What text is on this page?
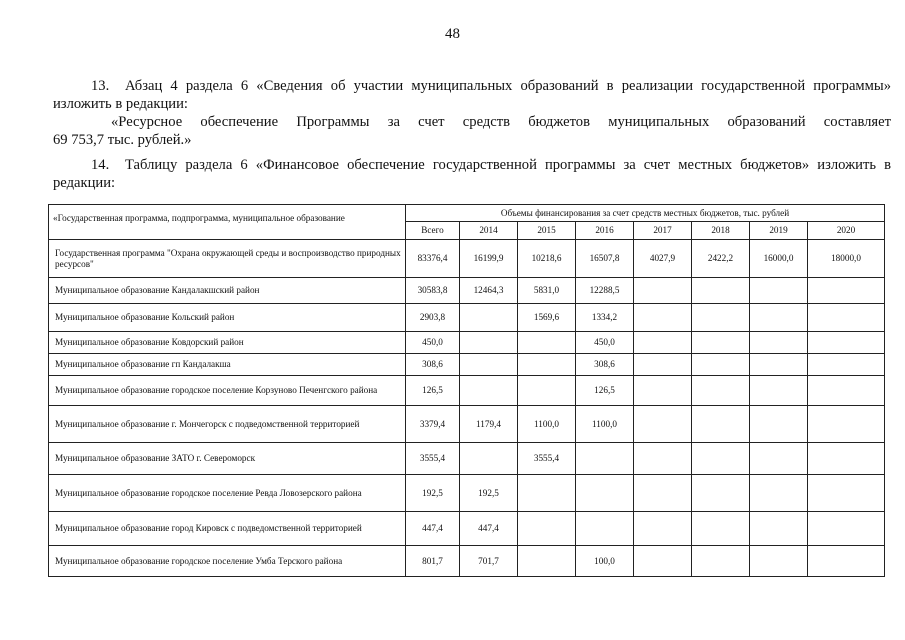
48
13. Абзац 4 раздела 6 «Сведения об участии муниципальных образований в реализации государственной программы»
изложить в редакции:
«Ресурсное обеспечение Программы за счет средств бюджетов муниципальных образований составляет
69 753,7 тыс. рублей.»
14. Таблицу раздела 6 «Финансовое обеспечение государственной программы за счет местных бюджетов» изложить в
редакции:
«Государственная программа, подпрограмма, муниципальное образование	Объемы финансирования за счет средств местных бюджетов, тыс. рублей							
	Всего	2014	2015	2016	2017	2018	2019	2020
Государственная программа "Охрана окружающей среды и воспроизводство природных ресурсов"	83376,4	16199,9	10218,6	16507,8	4027,9	2422,2	16000,0	18000,0
Муниципальное образование Кандалакшский район	30583,8	12464,3	5831,0	12288,5				
Муниципальное образование Кольский район	2903,8		1569,6	1334,2				
Муниципальное образование Ковдорский район	450,0			450,0				
Муниципальное образование гп Кандалакша	308,6			308,6				
Муниципальное образование городское поселение Корзуново Печенгского района	126,5			126,5				
Муниципальное образование г. Мончегорск с подведомственной территорией	3379,4	1179,4	1100,0	1100,0				
Муниципальное образование ЗАТО г. Североморск	3555,4		3555,4					
Муниципальное образование городское поселение Ревда Ловозерского района	192,5	192,5						
Муниципальное образование город Кировск с подведомственной территорией	447,4	447,4						
Муниципальное образование городское поселение Умба Терского района	801,7	701,7		100,0				
